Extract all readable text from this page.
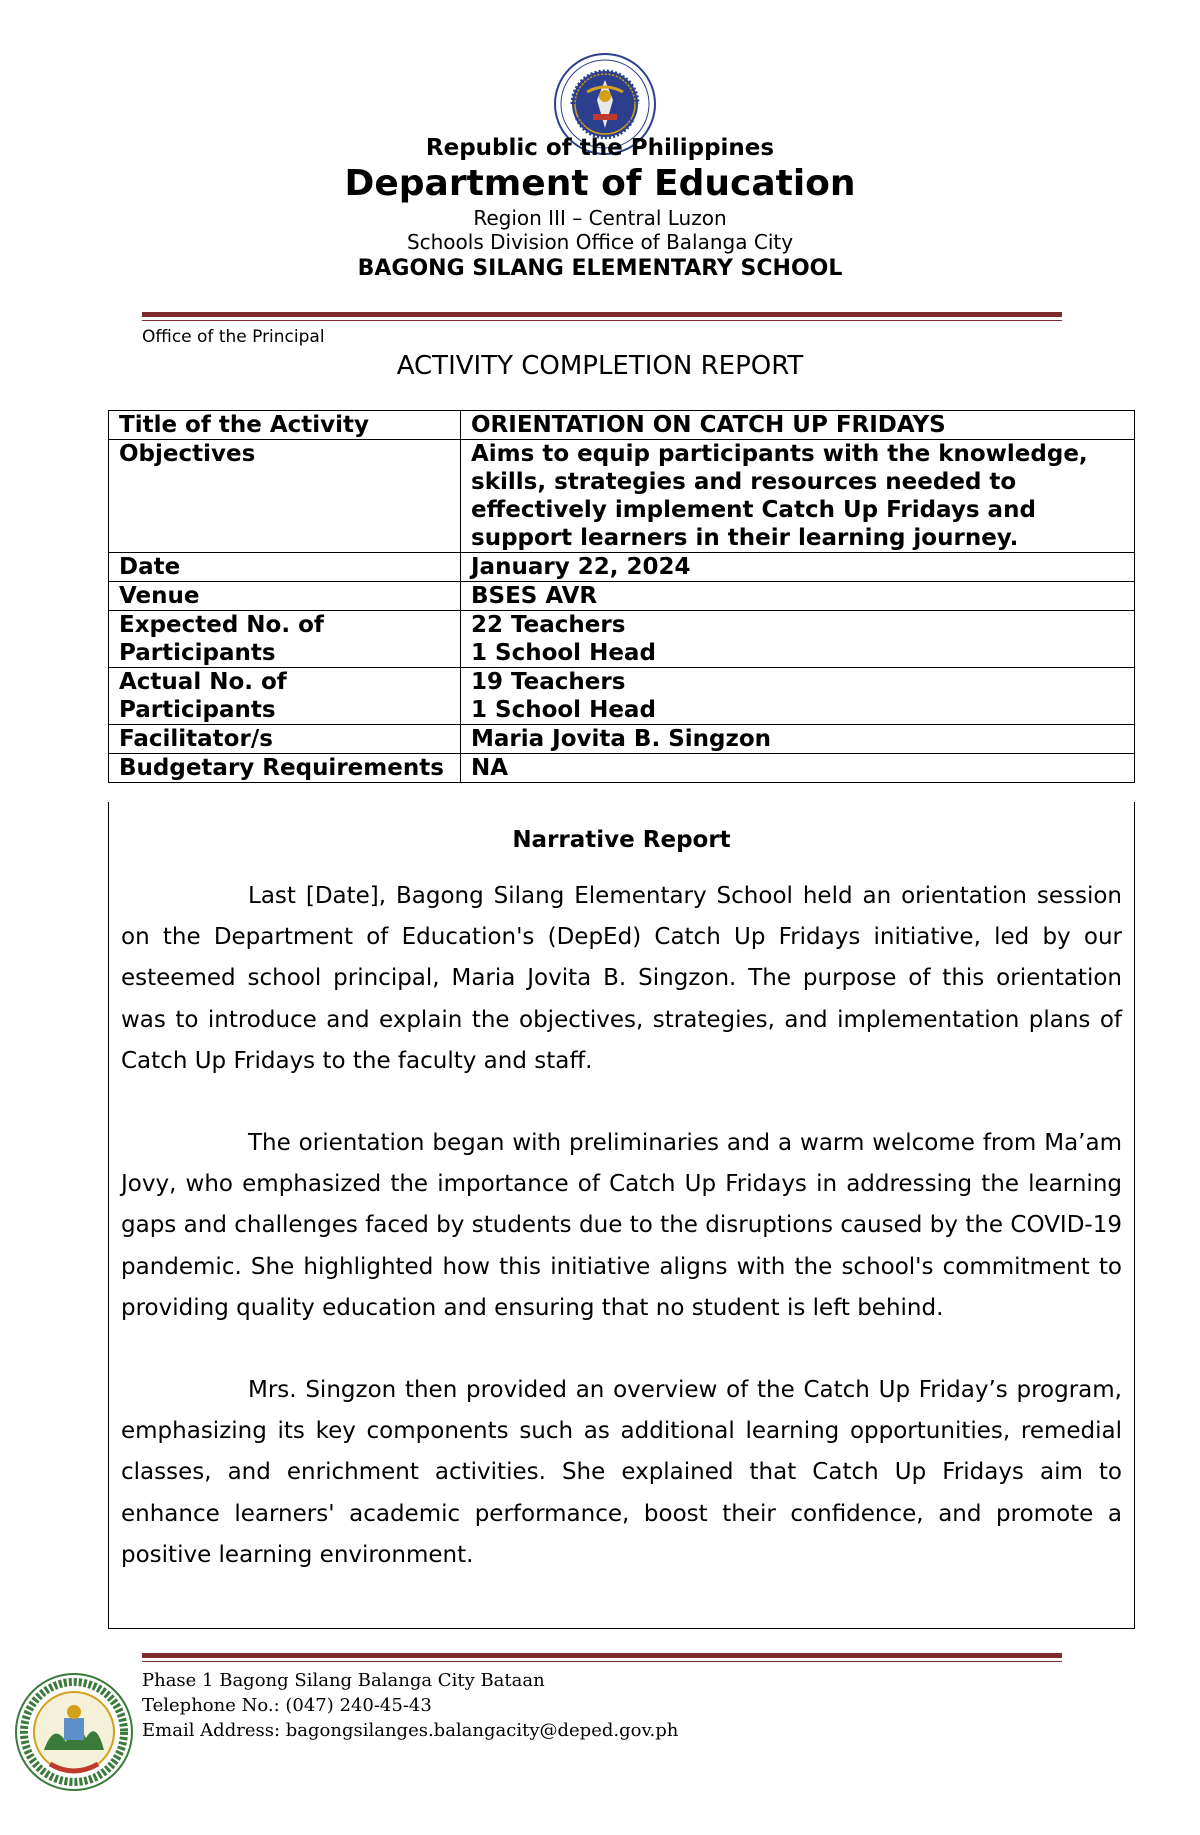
Republic of the Philippines
Department of Education
Region III – Central Luzon
Schools Division Office of Balanga City
BAGONG SILANG ELEMENTARY SCHOOL
Office of the Principal
ACTIVITY COMPLETION REPORT
Title of the Activity	ORIENTATION ON CATCH UP FRIDAYS
Objectives	Aims to equip participants with the knowledge, skills, strategies and resources needed to effectively implement Catch Up Fridays and support learners in their learning journey.
Date	January 22, 2024
Venue	BSES AVR
Expected No. of Participants	22 Teachers
1 School Head

Actual No. of Participants	19 Teachers
1 School Head

Facilitator/s	Maria Jovita B. Singzon
Budgetary Requirements	NA
Narrative Report

Last [Date], Bagong Silang Elementary School held an orientation session on the Department of Education's (DepEd) Catch Up Fridays initiative, led by our esteemed school principal, Maria Jovita B. Singzon. The purpose of this orientation was to introduce and explain the objectives, strategies, and implementation plans of Catch Up Fridays to the faculty and staff.

The orientation began with preliminaries and a warm welcome from Ma’am Jovy, who emphasized the importance of Catch Up Fridays in addressing the learning gaps and challenges faced by students due to the disruptions caused by the COVID-19 pandemic. She highlighted how this initiative aligns with the school's commitment to providing quality education and ensuring that no student is left behind.

Mrs. Singzon then provided an overview of the Catch Up Friday’s program, emphasizing its key components such as additional learning opportunities, remedial classes, and enrichment activities. She explained that Catch Up Fridays aim to enhance learners' academic performance, boost their confidence, and promote a positive learning environment.

Phase 1 Bagong Silang Balanga City Bataan
Telephone No.: (047) 240-45-43
Email Address: bagongsilanges.balangacity@deped.gov.ph
